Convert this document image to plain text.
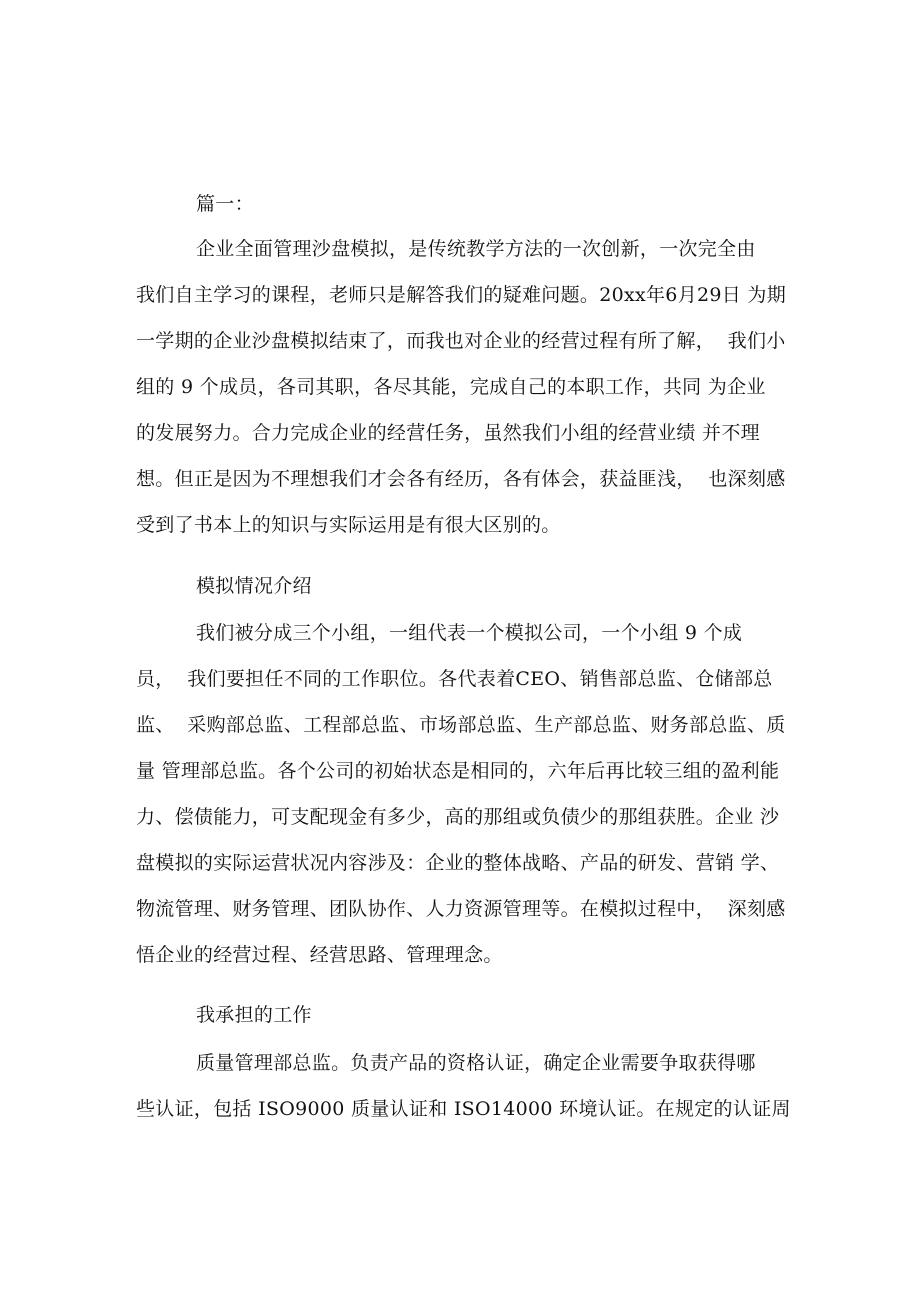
篇一：
企业全面管理沙盘模拟，是传统教学方法的一次创新，一次完全由
我们自主学习的课程，老师只是解答我们的疑难问题。20xx年6月29日 为期
一学期的企业沙盘模拟结束了，而我也对企业的经营过程有所了解，  我们小
组的 9 个成员，各司其职，各尽其能，完成自己的本职工作，共同 为企业
的发展努力。合力完成企业的经营任务，虽然我们小组的经营业绩 并不理
想。但正是因为不理想我们才会各有经历，各有体会，获益匪浅，  也深刻感
受到了书本上的知识与实际运用是有很大区别的。
模拟情况介绍
我们被分成三个小组，一组代表一个模拟公司，一个小组 9 个成
员，  我们要担任不同的工作职位。各代表着CEO、销售部总监、仓储部总
监、  采购部总监、工程部总监、市场部总监、生产部总监、财务部总监、质
量 管理部总监。各个公司的初始状态是相同的，六年后再比较三组的盈利能
力、偿债能力，可支配现金有多少，高的那组或负债少的那组获胜。企业 沙
盘模拟的实际运营状况内容涉及：企业的整体战略、产品的研发、营销 学、
物流管理、财务管理、团队协作、人力资源管理等。在模拟过程中，  深刻感
悟企业的经营过程、经营思路、管理理念。
我承担的工作
质量管理部总监。负责产品的资格认证，确定企业需要争取获得哪
些认证，包括 ISO9000 质量认证和 ISO14000 环境认证。在规定的认证周
